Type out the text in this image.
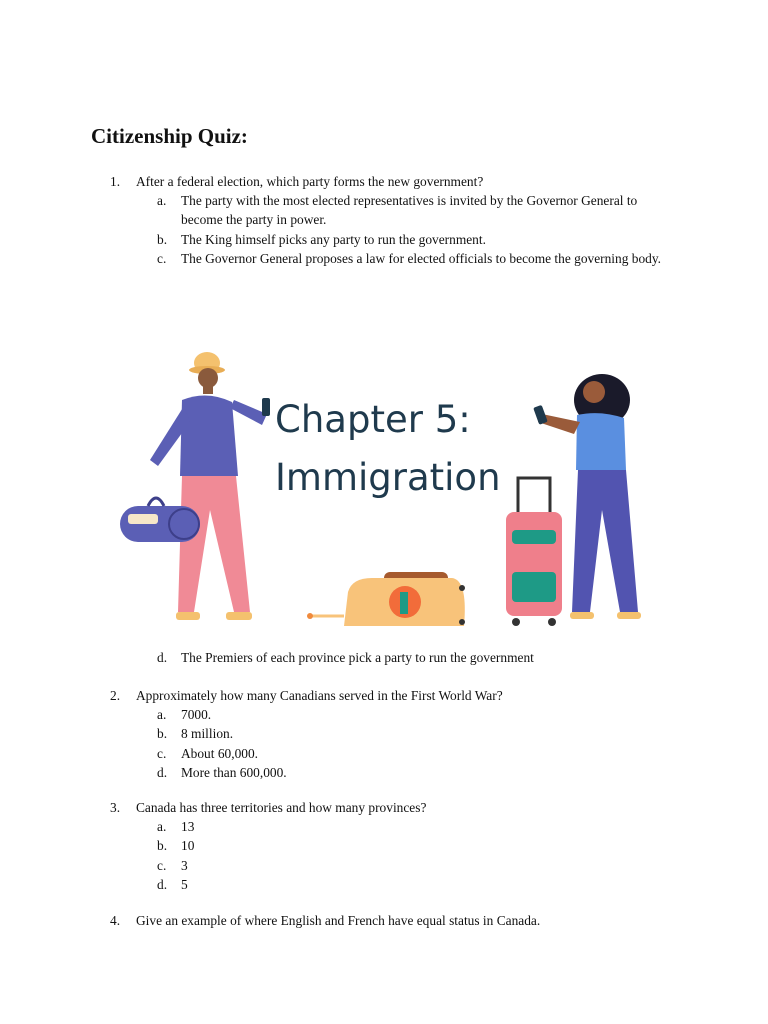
Citizenship Quiz:
1. After a federal election, which party forms the new government?
a. The party with the most elected representatives is invited by the Governor General to become the party in power.
b. The King himself picks any party to run the government.
c. The Governor General proposes a law for elected officials to become the governing body.
Chapter 5:
Immigration
d. The Premiers of each province pick a party to run the government
2. Approximately how many Canadians served in the First World War?
a. 7000.
b. 8 million.
c. About 60,000.
d. More than 600,000.
3. Canada has three territories and how many provinces?
a. 13
b. 10
c. 3
d. 5
4. Give an example of where English and French have equal status in Canada.
